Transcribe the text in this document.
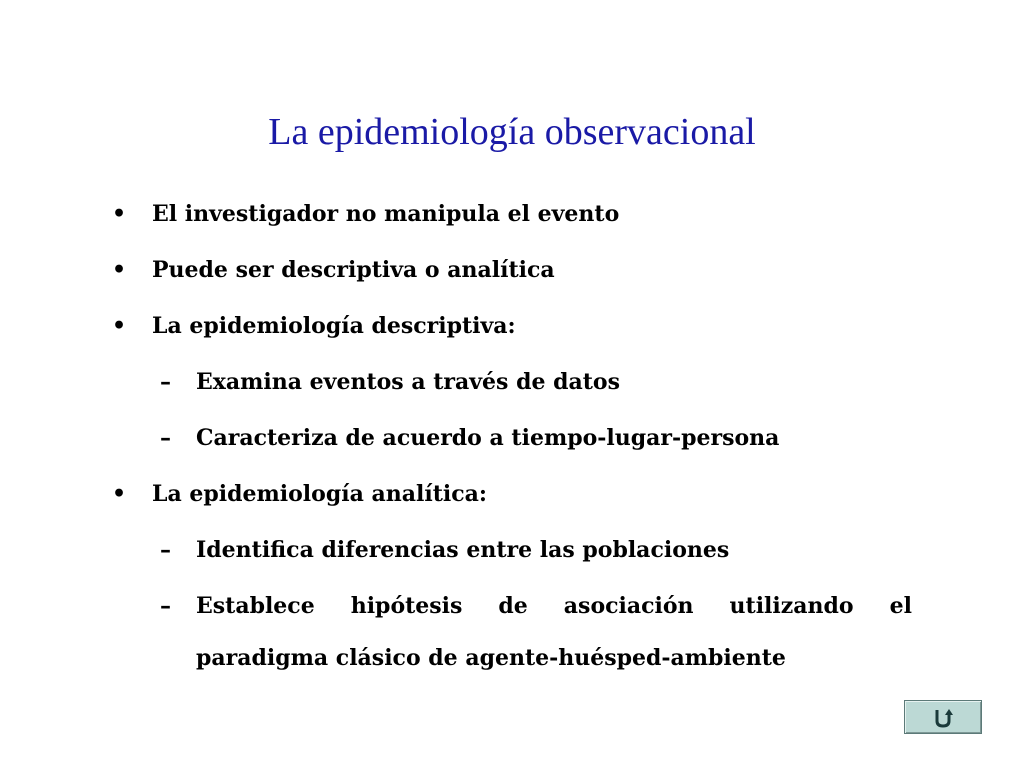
La epidemiología observacional
• El investigador no manipula el evento
• Puede ser descriptiva o analítica
• La epidemiología descriptiva:
– Examina eventos a través de datos
– Caracteriza de acuerdo a tiempo-lugar-persona
• La epidemiología analítica:
– Identifica diferencias entre las poblaciones
–	Establece hipótesis de asociación utilizando el
paradigma clásico de agente-huésped-ambiente
